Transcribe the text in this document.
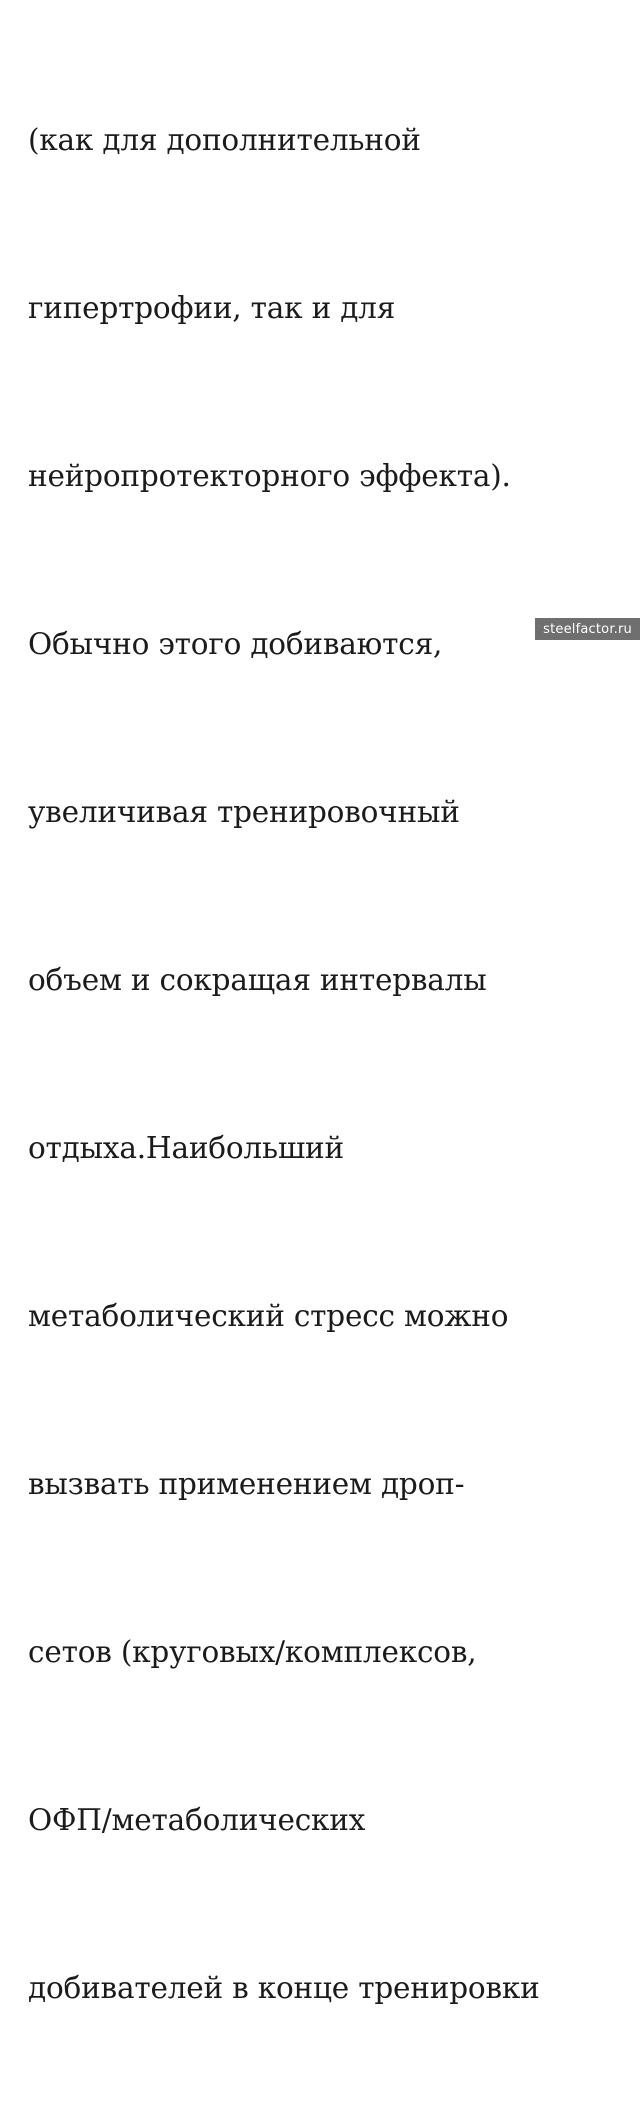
(как для дополнительной

гипертрофии, так и для

нейропротекторного эффекта).

Обычно этого добиваются,

увеличивая тренировочный

объем и сокращая интервалы

отдыха.Наибольший

метаболический стресс можно

вызвать применением дроп-

сетов (круговых/комплексов,

ОФП/метаболических

добивателей в конце тренировки

steelfactor.ru
